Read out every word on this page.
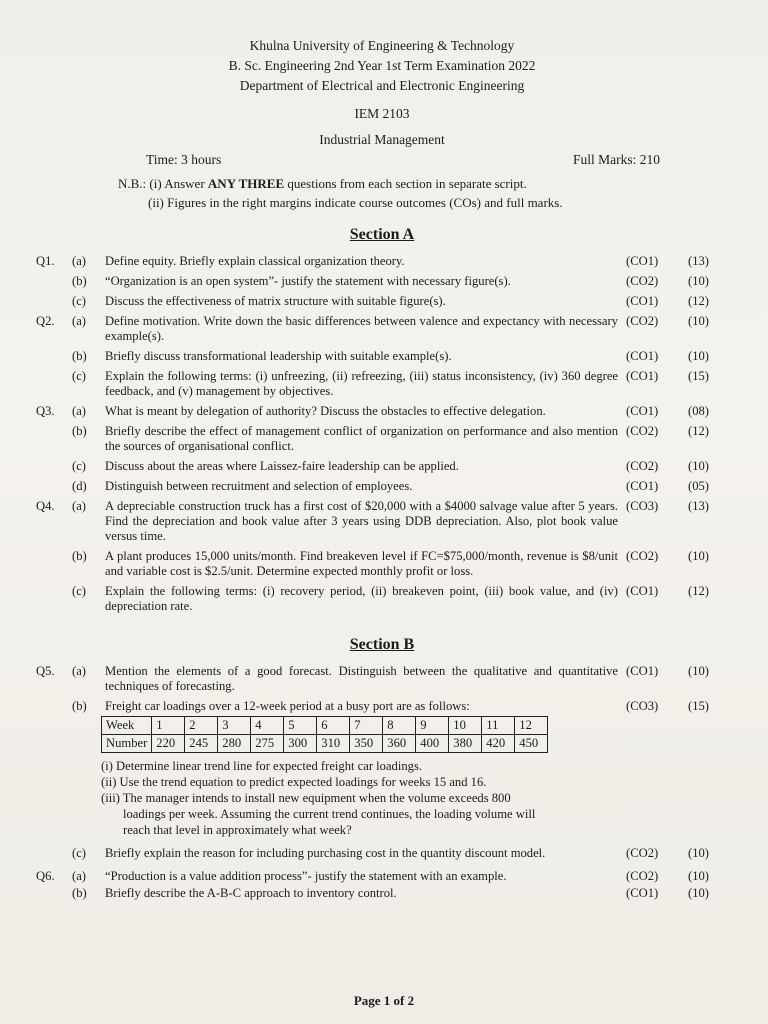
Khulna University of Engineering & Technology
B. Sc. Engineering 2nd Year 1st Term Examination 2022
Department of Electrical and Electronic Engineering
IEM 2103
Industrial Management
Time: 3 hours	Full Marks: 210
N.B.: (i) Answer ANY THREE questions from each section in separate script.
(ii) Figures in the right margins indicate course outcomes (COs) and full marks.
Section A
Q1.	(a)	Define equity. Briefly explain classical organization theory.	(CO1)	(13)
(b)	“Organization is an open system”- justify the statement with necessary figure(s).	(CO2)	(10)
(c)	Discuss the effectiveness of matrix structure with suitable figure(s).	(CO1)	(12)
Q2.	(a)	Define motivation. Write down the basic differences between valence and expectancy with necessary example(s).
(CO2)	(10)
(b)	Briefly discuss transformational leadership with suitable example(s).	(CO1)	(10)
(c)	Explain the following terms: (i) unfreezing, (ii) refreezing, (iii) status inconsistency, (iv) 360 degree feedback, and (v) management by objectives.
(CO1)	(15)
Q3.	(a)	What is meant by delegation of authority? Discuss the obstacles to effective delegation.	(CO1)	(08)
(b)	Briefly describe the effect of management conflict of organization on performance and also mention the sources of organisational conflict.
(CO2)	(12)
(c)	Discuss about the areas where Laissez-faire leadership can be applied.	(CO2)	(10)
(d)	Distinguish between recruitment and selection of employees.	(CO1)	(05)
Q4.	(a)	A depreciable construction truck has a first cost of $20,000 with a $4000 salvage value after 5 years. Find the depreciation and book value after 3 years using DDB depreciation. Also, plot book value versus time.
(CO3)	(13)
(b)	A plant produces 15,000 units/month. Find breakeven level if FC=$75,000/month, revenue is $8/unit and variable cost is $2.5/unit. Determine expected monthly profit or loss.
(CO2)	(10)
(c)	Explain the following terms: (i) recovery period, (ii) breakeven point, (iii) book value, and (iv) depreciation rate.
(CO1)	(12)
Section B
Q5.	(a)	Mention the elements of a good forecast. Distinguish between the qualitative and quantitative techniques of forecasting.
(CO1)	(10)
(b)	Freight car loadings over a 12-week period at a busy port are as follows:	(CO3)	(15)
Week	1	2	3	4	5	6	7	8	9	10	11	12
Number	220	245	280	275	300	310	350	360	400	380	420	450
(i) Determine linear trend line for expected freight car loadings.
(ii) Use the trend equation to predict expected loadings for weeks 15 and 16.
(iii) The manager intends to install new equipment when the volume exceeds 800
loadings per week. Assuming the current trend continues, the loading volume will
reach that level in approximately what week?
(c)	Briefly explain the reason for including purchasing cost in the quantity discount model.	(CO2)	(10)
Q6.	(a)	“Production is a value addition process”- justify the statement with an example.	(CO2)	(10)
(b)	Briefly describe the A-B-C approach to inventory control.	(CO1)	(10)
Page 1 of 2
